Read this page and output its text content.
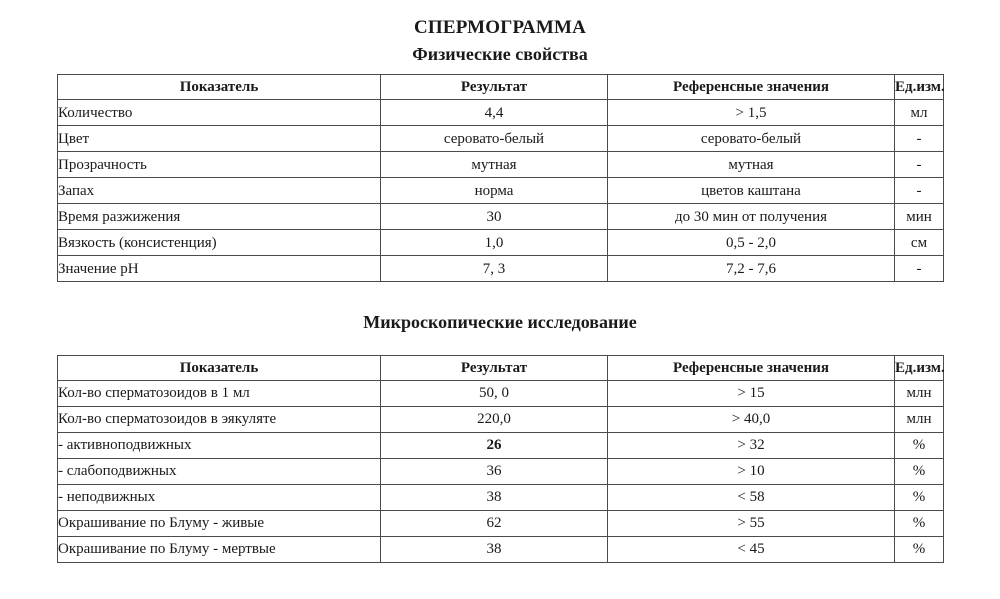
СПЕРМОГРАММА
Физические свойства
Показатель	Результат	Референсные значения	Ед.изм.
Количество	4,4	> 1,5	мл
Цвет	серовато-белый	серовато-белый	-
Прозрачность	мутная	мутная	-
Запах	норма	цветов каштана	-
Время разжижения	30	до 30 мин от получения	мин
Вязкость (консистенция)	1,0	0,5 - 2,0	см
Значение pH	7, 3	7,2 - 7,6	-
Микроскопические исследование
Показатель	Результат	Референсные значения	Ед.изм.
Кол-во сперматозоидов в 1 мл	50, 0	> 15	млн
Кол-во сперматозоидов в эякуляте	220,0	> 40,0	млн
- активноподвижных	26	> 32	%
- слабоподвижных	36	> 10	%
- неподвижных	38	< 58	%
Окрашивание по Блуму - живые	62	> 55	%
Окрашивание по Блуму - мертвые	38	< 45	%
